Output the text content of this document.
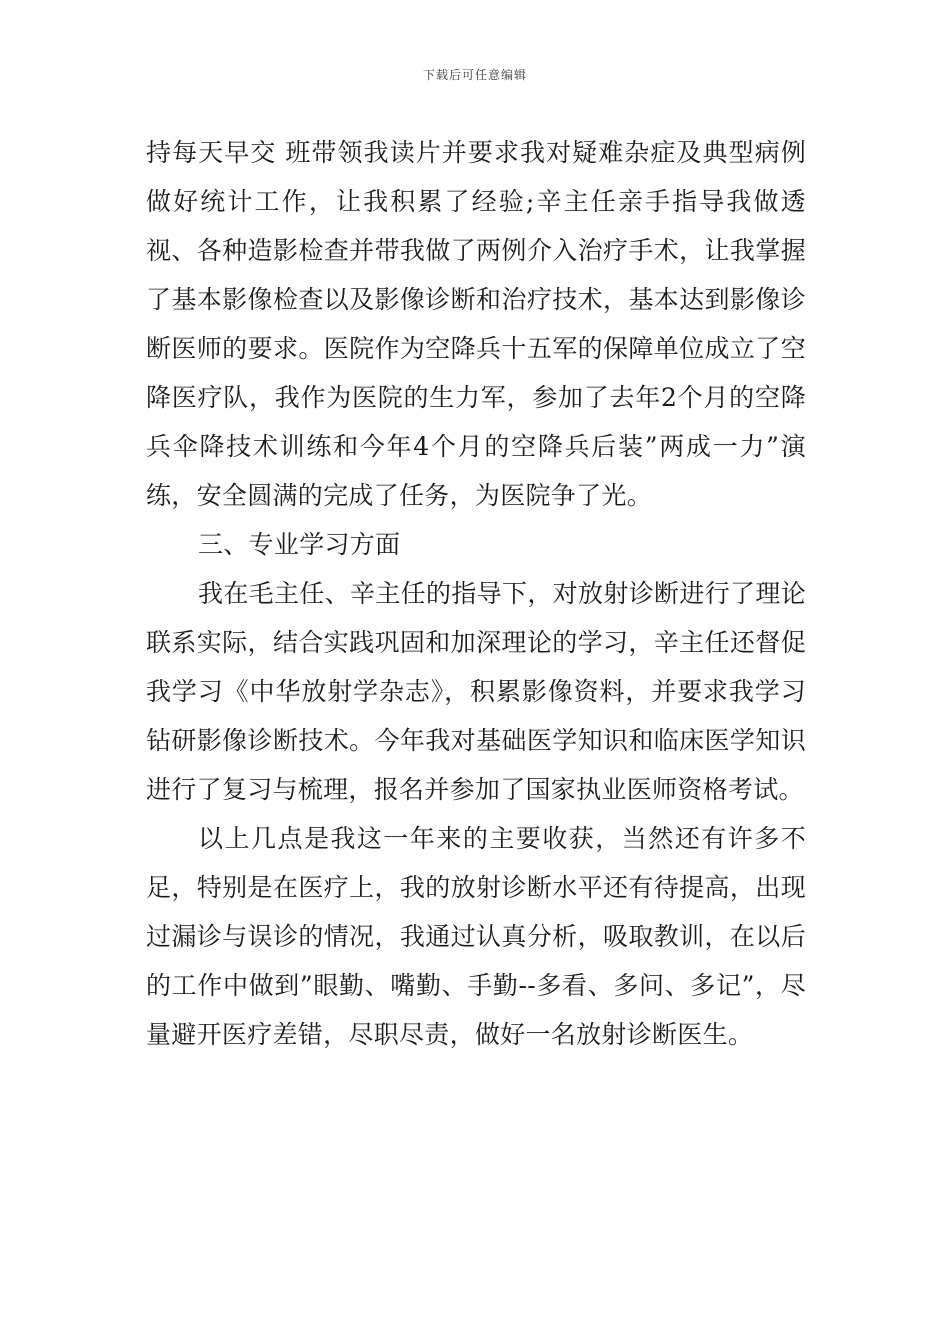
下载后可任意编辑

持每天早交 班带领我读片并要求我对疑难杂症及典型病例做好统计工作，让我积累了经验;辛主任亲手指导我做透视、各种造影检查并带我做了两例介入治疗手术，让我掌握了基本影像检查以及影像诊断和治疗技术，基本达到影像诊断医师的要求。医院作为空降兵十五军的保障单位成立了空降医疗队，我作为医院的生力军，参加了去年2个月的空降兵伞降技术训练和今年4个月的空降兵后装”两成一力”演练，安全圆满的完成了任务，为医院争了光。

三、专业学习方面

我在毛主任、辛主任的指导下，对放射诊断进行了理论联系实际，结合实践巩固和加深理论的学习，辛主任还督促我学习《中华放射学杂志》，积累影像资料，并要求我学习钻研影像诊断技术。今年我对基础医学知识和临床医学知识进行了复习与梳理，报名并参加了国家执业医师资格考试。

以上几点是我这一年来的主要收获，当然还有许多不足，特别是在医疗上，我的放射诊断水平还有待提高，出现过漏诊与误诊的情况，我通过认真分析，吸取教训，在以后的工作中做到”眼勤、嘴勤、手勤--多看、多问、多记”，尽量避开医疗差错，尽职尽责，做好一名放射诊断医生。
